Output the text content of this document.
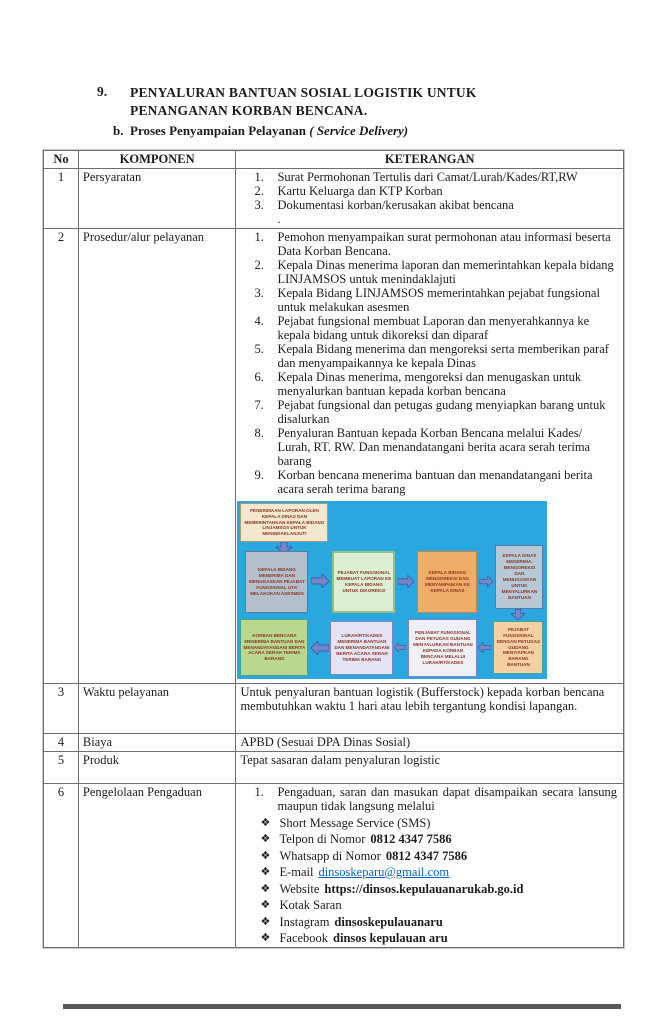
9.	PENYALURAN BANTUAN SOSIAL LOGISTIK UNTUK PENANGANAN KORBAN BENCANA.
b. Proses Penyampaian Pelayanan ( Service Delivery)
No	KOMPONEN	KETERANGAN
1	Persyaratan	1.	Surat Permohonan Tertulis dari Camat/Lurah/Kades/RT,RW
2.	Kartu Keluarga dan KTP Korban
3.	Dokumentasi korban/kerusakan akibat bencana
.

2	Prosedur/alur pelayanan	1.	Pemohon menyampaikan surat permohonan atau informasi beserta Data Korban Bencana.
2.	Kepala Dinas menerima laporan dan memerintahkan kepala bidang LINJAMSOS untuk menindaklajuti
3.	Kepala Bidang LINJAMSOS memerintahkan pejabat fungsional untuk melakukan asesmen
4.	Pejabat fungsional membuat Laporan dan menyerahkannya ke kepala bidang untuk dikoreksi dan diparaf
5.	Kepala Bidang menerima dan mengoreksi serta memberikan paraf dan menyampaikannya ke kepala Dinas
6.	Kepala Dinas menerima, mengoreksi dan menugaskan untuk menyalurkan bantuan kepada korban bencana
7.	Pejabat fungsional dan petugas gudang menyiapkan barang untuk disalurkan
8.	Penyaluran Bantuan kepada Korban Bencana melalui Kades/ Lurah, RT. RW. Dan menandatangani berita acara serah terima barang
9.	Korban bencana menerima bantuan dan menandatangani berita acara serah terima barang
PENERIMAAN LAPORAN OLEH KEPALA DINAS DAN MEMERINTAHKAN KEPALA BIDANG LINJAMSOS UNTUK MENINDAKLANJUTI
KEPALA BIDANG MENERIMA DAN MENUGASKAN PEJABAT FUNGSIONAL UTK MELAKUKAN ASESMEN
PEJABAT FUNGSIONAL MEMBUAT LAPORAN KE KEPALA BIDANG UNTUK DIKOREKSI
KEPALA BIDANG MENGOREKSI DAN MENYAMPAIKAN KE KEPALA DINAS
KEPALA DINAS MENERIMA, MENGOREKSI DAN MENUGASKAN UNTUK MENYALURKAN BANTUAN
PEJABAT FUNGSIONAL DENGAN PETUGAS GUDANG MENYIAPKAN BARANG BANTUAN
PENJABAT FUNGSIONAL DAN PETUGAS GUDANG MENYALURKAN BANTUAN KEPADA KORBAN BENCANA MELALUI LURAH/RT/KADES
LURAH/RT/KADES MENERIMA BANTUAN DAN MENANDATANGANI BERITA ACARA SERAH TERIMA BARANG
KORBAN BENCANA MENERIMA BANTUAN DAN MENANDATANGANI BERITA ACARA SERAH TERIMA BARANG

3	Waktu pelayanan	Untuk penyaluran bantuan logistik (Bufferstock) kepada korban bencana membutuhkan waktu 1 hari atau lebih tergantung kondisi lapangan.

4	Biaya	APBD (Sesuai DPA Dinas Sosial)
5	Produk	Tepat sasaran dalam penyaluran logistic

6	Pengelolaan Pengaduan	1.	Pengaduan, saran dan masukan dapat disampaikan secara lansung maupun tidak langsung melalui
❖ Short Message Service (SMS)
❖ Telpon di Nomor 0812 4347 7586
❖ Whatsapp di Nomor 0812 4347 7586
❖ E-mail dinsoskeparu@gmail.com
❖ Website https://dinsos.kepulauanarukab.go.id
❖ Kotak Saran
❖ Instagram dinsoskepulauanaru
❖ Facebook dinsos kepulauan aru
